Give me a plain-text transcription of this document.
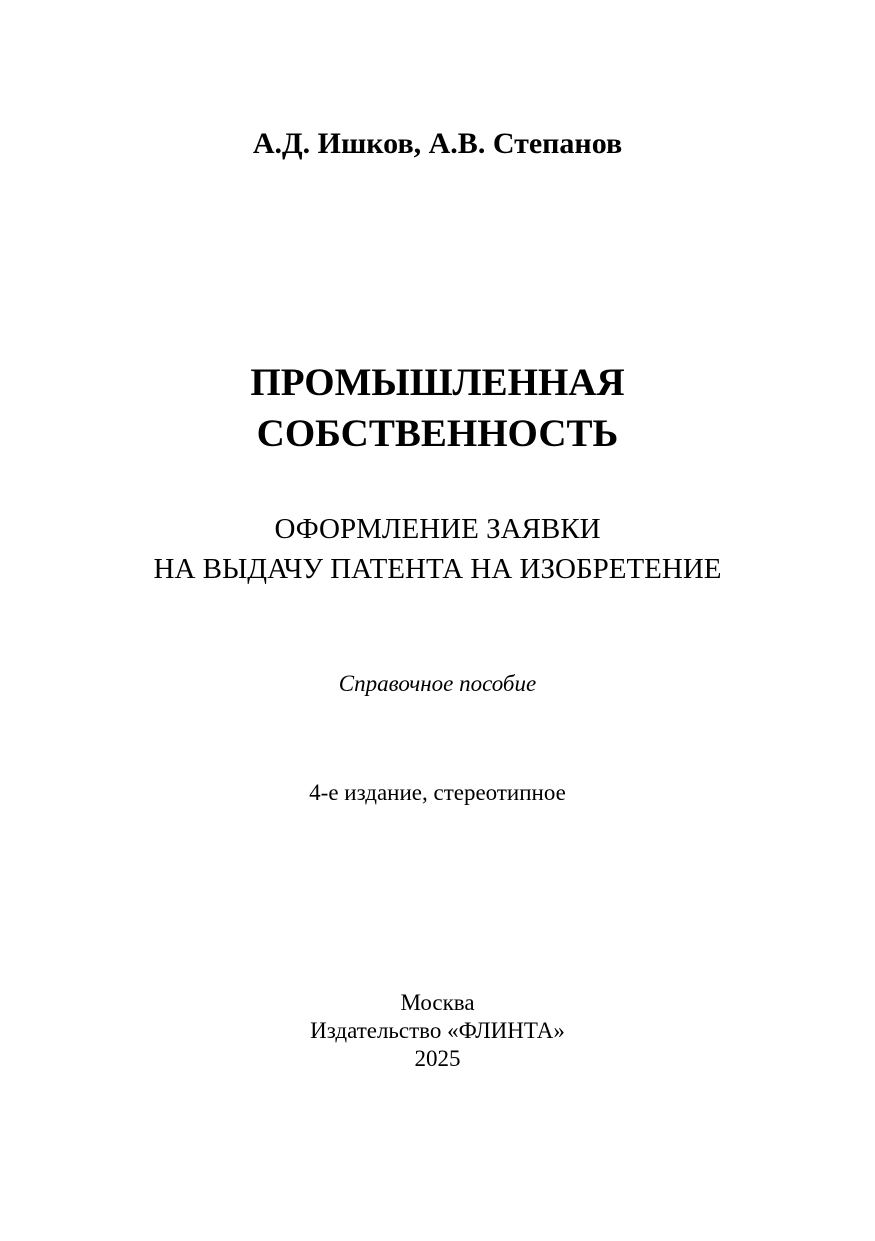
А.Д. Ишков, А.В. Степанов
ПРОМЫШЛЕННАЯ
СОБСТВЕННОСТЬ
ОФОРМЛЕНИЕ ЗАЯВКИ
НА ВЫДАЧУ ПАТЕНТА НА ИЗОБРЕТЕНИЕ
Справочное пособие
4-е издание, стереотипное
Москва
Издательство «ФЛИНТА»
2025
